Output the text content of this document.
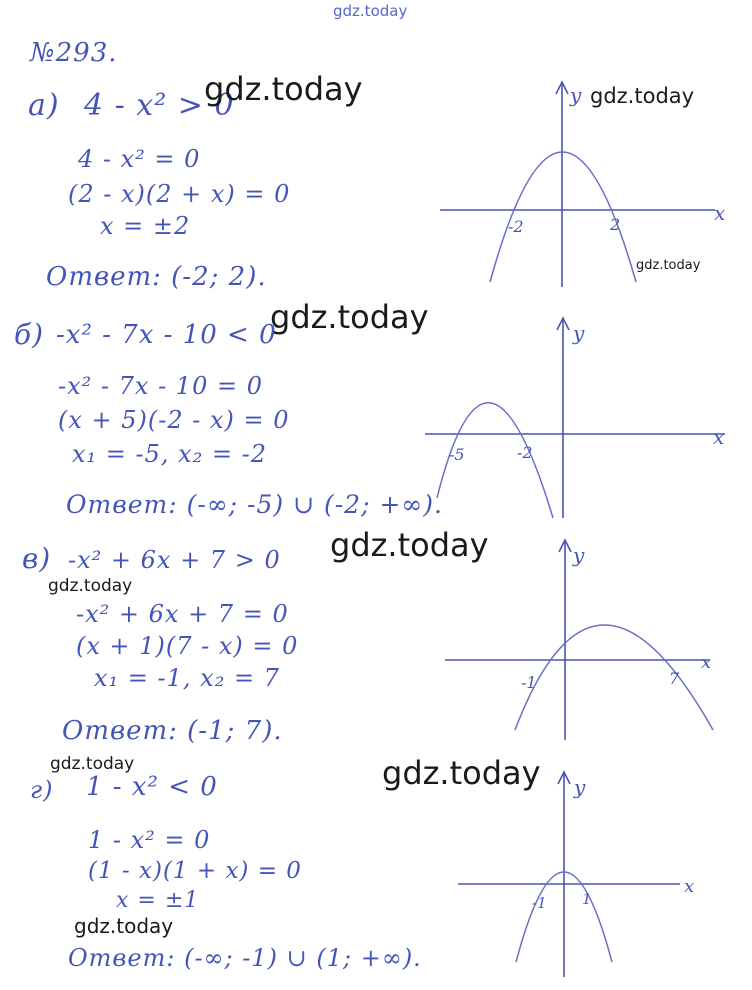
gdz.today
№293.
а) 4 - x² > 0
gdz.today
4 - x² = 0
(2 - x)(2 + x) = 0
x = ±2
Ответ: (-2; 2).
x
y
-2	2
gdz.today
gdz.today
б) -x² - 7x - 10 < 0
gdz.today
-x² - 7x - 10 = 0
(x + 5)(-2 - x) = 0
x₁ = -5, x₂ = -2
Ответ: (-∞; -5) ∪ (-2; +∞).
x
y
-5	-2
в) -x² + 6x + 7 > 0 gdz.today
gdz.today
-x² + 6x + 7 = 0
(x + 1)(7 - x) = 0
x₁ = -1, x₂ = 7
Ответ: (-1; 7).
x
y
-1	7
gdz.today
г) 1 - x² < 0	gdz.today
1 - x² = 0
(1 - x)(1 + x) = 0
x = ±1
gdz.today
Ответ: (-∞; -1) ∪ (1; +∞).
x
y
-1 1
